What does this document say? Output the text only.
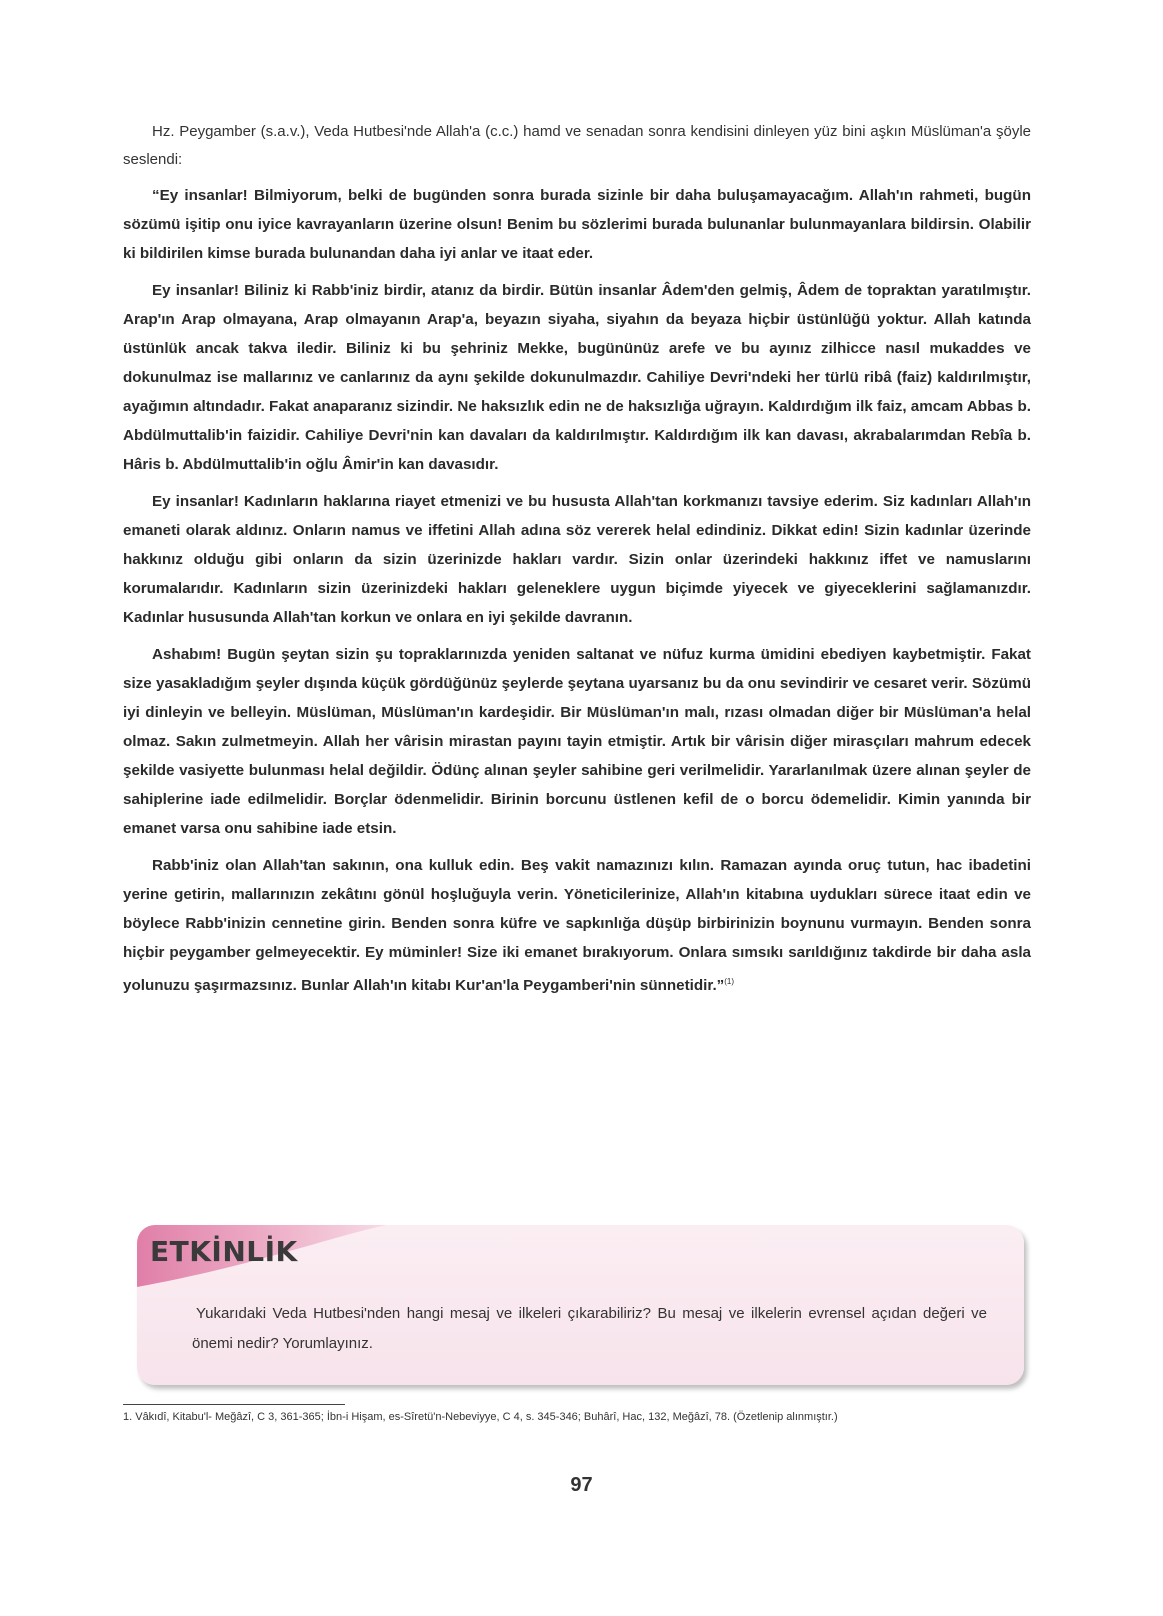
Hz. Peygamber (s.a.v.), Veda Hutbesi'nde Allah'a (c.c.) hamd ve senadan sonra kendisini dinleyen yüz bini aşkın Müslüman'a şöyle seslendi:

“Ey insanlar! Bilmiyorum, belki de bugünden sonra burada sizinle bir daha buluşamayacağım. Allah'ın rahmeti, bugün sözümü işitip onu iyice kavrayanların üzerine olsun! Benim bu sözlerimi burada bulunanlar bulunmayanlara bildirsin. Olabilir ki bildirilen kimse burada bulunandan daha iyi anlar ve itaat eder.

Ey insanlar! Biliniz ki Rabb'iniz birdir, atanız da birdir. Bütün insanlar Âdem'den gelmiş, Âdem de topraktan yaratılmıştır. Arap'ın Arap olmayana, Arap olmayanın Arap'a, beyazın siyaha, siyahın da beyaza hiçbir üstünlüğü yoktur. Allah katında üstünlük ancak takva iledir. Biliniz ki bu şehriniz Mekke, bugününüz arefe ve bu ayınız zilhicce nasıl mukaddes ve dokunulmaz ise mallarınız ve canlarınız da aynı şekilde dokunulmazdır. Cahiliye Devri'ndeki her türlü ribâ (faiz) kaldırılmıştır, ayağımın altındadır. Fakat anaparanız sizindir. Ne haksızlık edin ne de haksızlığa uğrayın. Kaldırdığım ilk faiz, amcam Abbas b. Abdülmuttalib'in faizidir. Cahiliye Devri'nin kan davaları da kaldırılmıştır. Kaldırdığım ilk kan davası, akrabalarımdan Rebîa b. Hâris b. Abdülmuttalib'in oğlu Âmir'in kan davasıdır.

Ey insanlar! Kadınların haklarına riayet etmenizi ve bu hususta Allah'tan korkmanızı tavsiye ederim. Siz kadınları Allah'ın emaneti olarak aldınız. Onların namus ve iffetini Allah adına söz vererek helal edindiniz. Dikkat edin! Sizin kadınlar üzerinde hakkınız olduğu gibi onların da sizin üzerinizde hakları vardır. Sizin onlar üzerindeki hakkınız iffet ve namuslarını korumalarıdır. Kadınların sizin üzerinizdeki hakları geleneklere uygun biçimde yiyecek ve giyeceklerini sağlamanızdır. Kadınlar hususunda Allah'tan korkun ve onlara en iyi şekilde davranın.

Ashabım! Bugün şeytan sizin şu topraklarınızda yeniden saltanat ve nüfuz kurma ümidini ebediyen kaybetmiştir. Fakat size yasakladığım şeyler dışında küçük gördüğünüz şeylerde şeytana uyarsanız bu da onu sevindirir ve cesaret verir. Sözümü iyi dinleyin ve belleyin. Müslüman, Müslüman'ın kardeşidir. Bir Müslüman'ın malı, rızası olmadan diğer bir Müslüman'a helal olmaz. Sakın zulmetmeyin. Allah her vârisin mirastan payını tayin etmiştir. Artık bir vârisin diğer mirasçıları mahrum edecek şekilde vasiyette bulunması helal değildir. Ödünç alınan şeyler sahibine geri verilmelidir. Yararlanılmak üzere alınan şeyler de sahiplerine iade edilmelidir. Borçlar ödenmelidir. Birinin borcunu üstlenen kefil de o borcu ödemelidir. Kimin yanında bir emanet varsa onu sahibine iade etsin.

Rabb'iniz olan Allah'tan sakının, ona kulluk edin. Beş vakit namazınızı kılın. Ramazan ayında oruç tutun, hac ibadetini yerine getirin, mallarınızın zekâtını gönül hoşluğuyla verin. Yöneticilerinize, Allah'ın kitabına uydukları sürece itaat edin ve böylece Rabb'inizin cennetine girin. Benden sonra küfre ve sapkınlığa düşüp birbirinizin boynunu vurmayın. Benden sonra hiçbir peygamber gelmeyecektir. Ey müminler! Size iki emanet bırakıyorum. Onlara sımsıkı sarıldığınız takdirde bir daha asla yolunuzu şaşırmazsınız. Bunlar Allah'ın kitabı Kur'an'la Peygamberi'nin sünnetidir.”$^{(1)}$

ETKİNLİK
Yukarıdaki Veda Hutbesi'nden hangi mesaj ve ilkeleri çıkarabiliriz? Bu mesaj ve ilkelerin evrensel açıdan değeri ve önemi nedir? Yorumlayınız.
1. Vâkıdî, Kitabu'l- Meğâzî, C 3, 361-365; İbn-i Hişam, es-Sîretü'n-Nebeviyye, C 4, s. 345-346; Buhârî, Hac, 132, Meğâzî, 78. (Özetlenip alınmıştır.)
97
